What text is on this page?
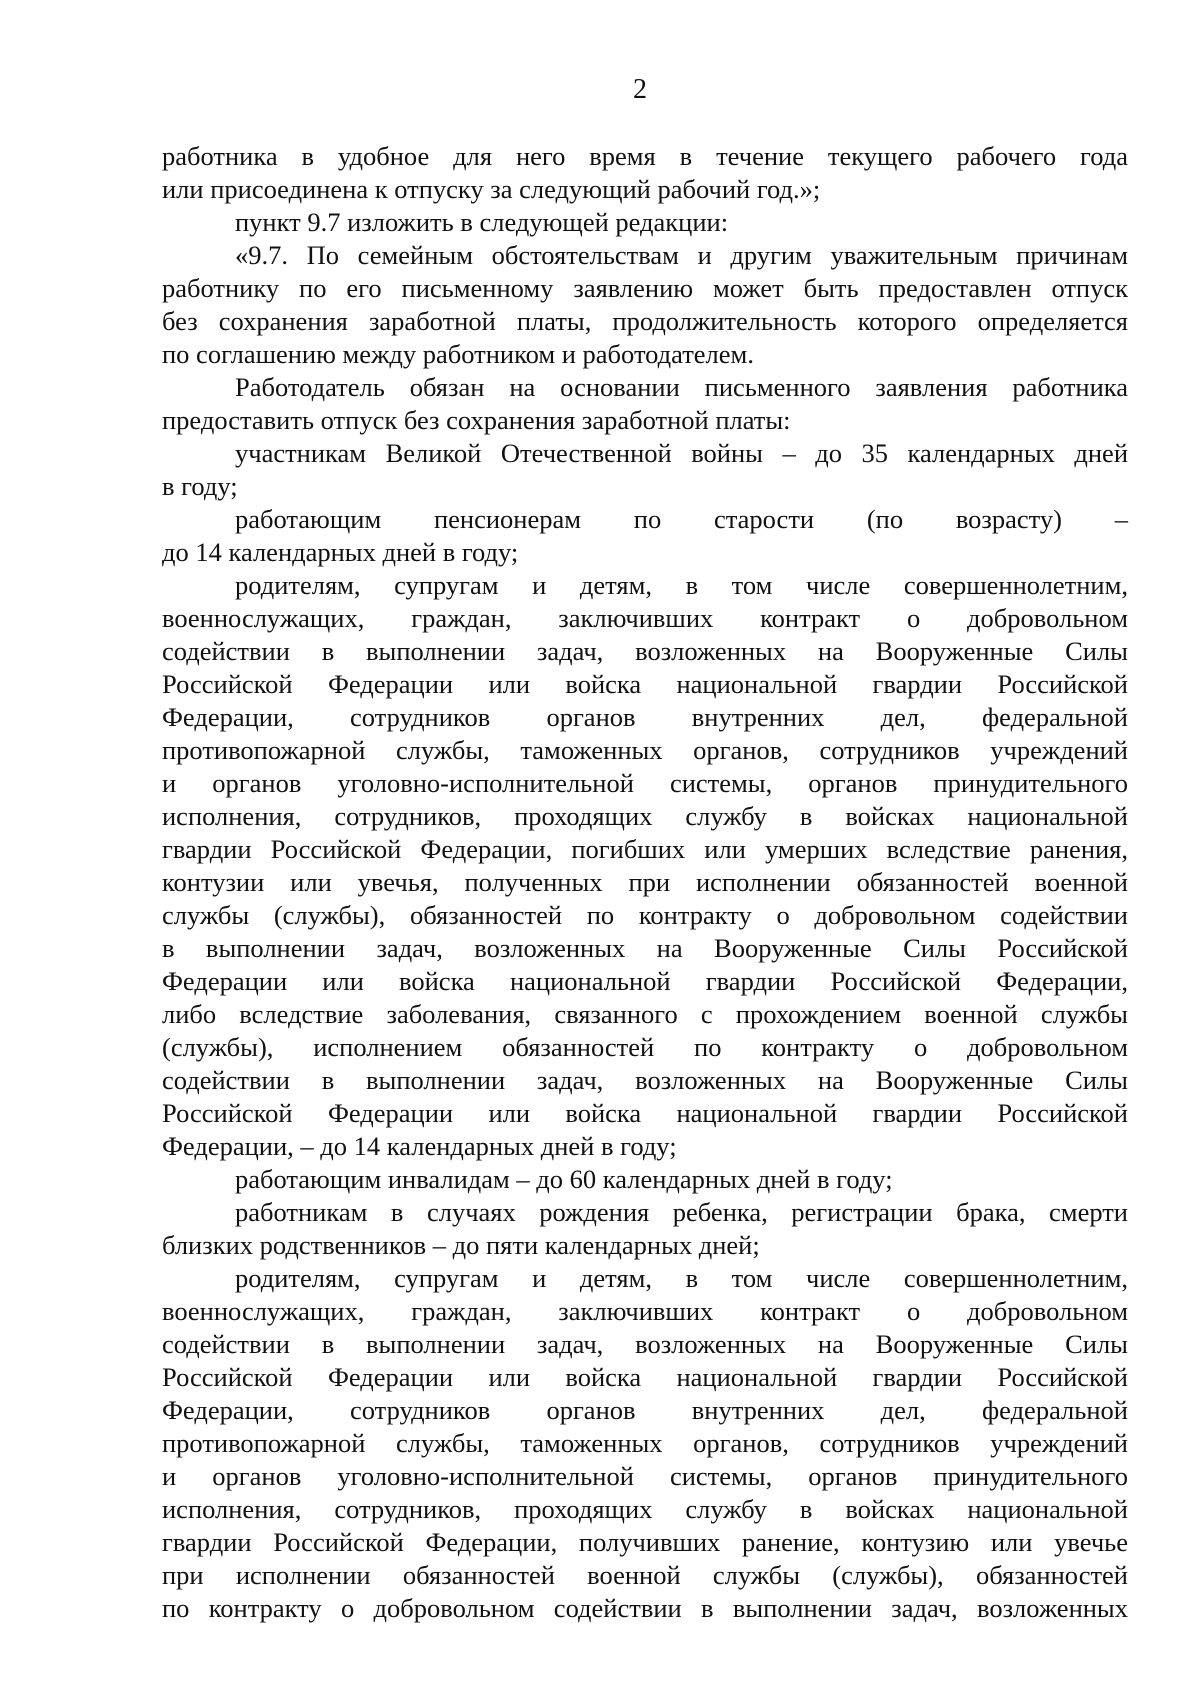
2
работника в удобное для него время в течение текущего рабочего года
или присоединена к отпуску за следующий рабочий год.»;
пункт 9.7 изложить в следующей редакции:
«9.7. По семейным обстоятельствам и другим уважительным причинам
работнику по его письменному заявлению может быть предоставлен отпуск
без сохранения заработной платы, продолжительность которого определяется
по соглашению между работником и работодателем.
Работодатель обязан на основании письменного заявления работника
предоставить отпуск без сохранения заработной платы:
участникам Великой Отечественной войны – до 35 календарных дней
в году;
работающим пенсионерам по старости (по возрасту) –
до 14 календарных дней в году;
родителям, супругам и детям, в том числе совершеннолетним,
военнослужащих, граждан, заключивших контракт о добровольном
содействии в выполнении задач, возложенных на Вооруженные Силы
Российской Федерации или войска национальной гвардии Российской
Федерации, сотрудников органов внутренних дел, федеральной
противопожарной службы, таможенных органов, сотрудников учреждений
и органов уголовно-исполнительной системы, органов принудительного
исполнения, сотрудников, проходящих службу в войсках национальной
гвардии Российской Федерации, погибших или умерших вследствие ранения,
контузии или увечья, полученных при исполнении обязанностей военной
службы (службы), обязанностей по контракту о добровольном содействии
в выполнении задач, возложенных на Вооруженные Силы Российской
Федерации или войска национальной гвардии Российской Федерации,
либо вследствие заболевания, связанного с прохождением военной службы
(службы), исполнением обязанностей по контракту о добровольном
содействии в выполнении задач, возложенных на Вооруженные Силы
Российской Федерации или войска национальной гвардии Российской
Федерации, – до 14 календарных дней в году;
работающим инвалидам – до 60 календарных дней в году;
работникам в случаях рождения ребенка, регистрации брака, смерти
близких родственников – до пяти календарных дней;
родителям, супругам и детям, в том числе совершеннолетним,
военнослужащих, граждан, заключивших контракт о добровольном
содействии в выполнении задач, возложенных на Вооруженные Силы
Российской Федерации или войска национальной гвардии Российской
Федерации, сотрудников органов внутренних дел, федеральной
противопожарной службы, таможенных органов, сотрудников учреждений
и органов уголовно-исполнительной системы, органов принудительного
исполнения, сотрудников, проходящих службу в войсках национальной
гвардии Российской Федерации, получивших ранение, контузию или увечье
при исполнении обязанностей военной службы (службы), обязанностей
по контракту о добровольном содействии в выполнении задач, возложенных
